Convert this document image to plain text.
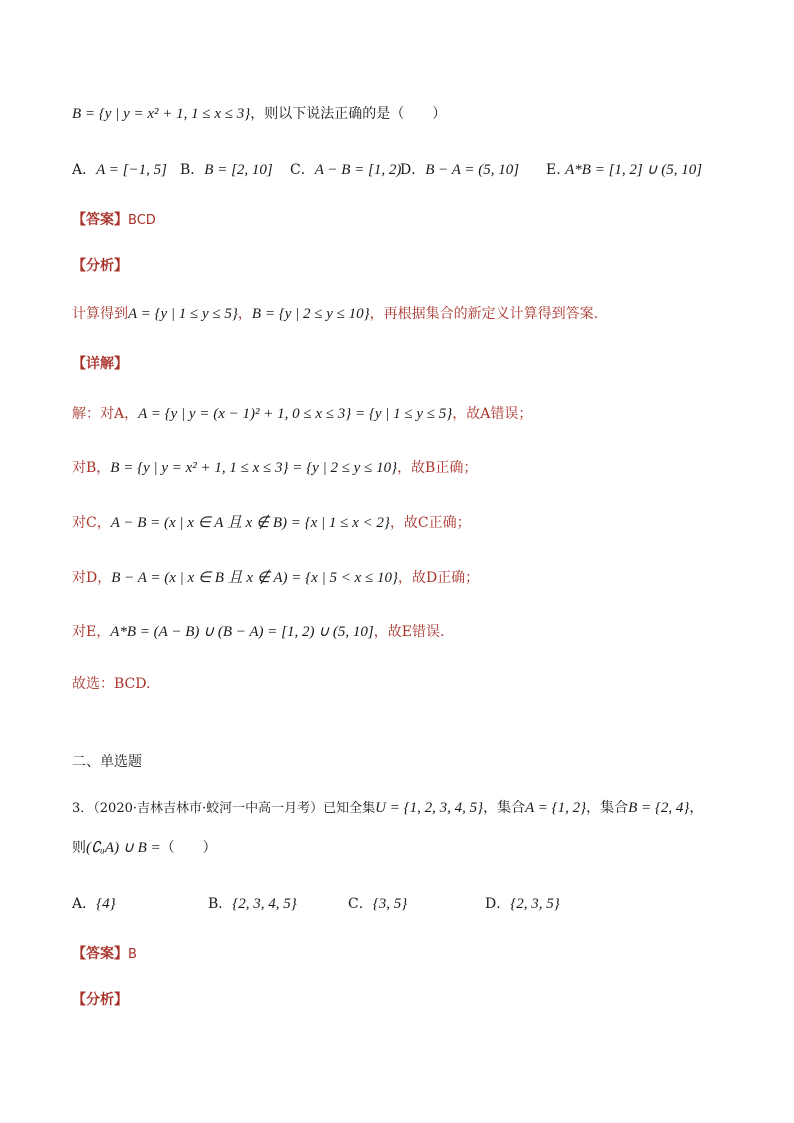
B = {y | y = x² + 1, 1 ≤ x ≤ 3}，则以下说法正确的是（　　）
A．A = [−1, 5] B．B = [2, 10] C．A − B = [1, 2)
D．B − A = (5, 10] E. A*B = [1, 2] ∪ (5, 10]
【答案】BCD
【分析】
计算得到A = {y | 1 ≤ y ≤ 5}，B = {y | 2 ≤ y ≤ 10}，再根据集合的新定义计算得到答案.
【详解】
解：对A，A = {y | y = (x − 1)² + 1, 0 ≤ x ≤ 3} = {y | 1 ≤ y ≤ 5}，故A错误；
对B，B = {y | y = x² + 1, 1 ≤ x ≤ 3} = {y | 2 ≤ y ≤ 10}，故B正确；
对C，A − B = (x | x ∈ A 且 x ∉ B) = {x | 1 ≤ x < 2}，故C正确；
对D，B − A = (x | x ∈ B 且 x ∉ A) = {x | 5 < x ≤ 10}，故D正确；
对E，A*B = (A − B) ∪ (B − A) = [1, 2) ∪ (5, 10]，故E错误.
故选：BCD.
二、单选题
3．（2020·吉林吉林市·蛟河一中高一月考）已知全集U = {1, 2, 3, 4, 5}，集合A = {1, 2}，集合B = {2, 4}，
则(∁ᵤA) ∪ B =（　　）
A．{4}	B．{2, 3, 4, 5}	C．{3, 5}	D．{2, 3, 5}
【答案】B
【分析】
